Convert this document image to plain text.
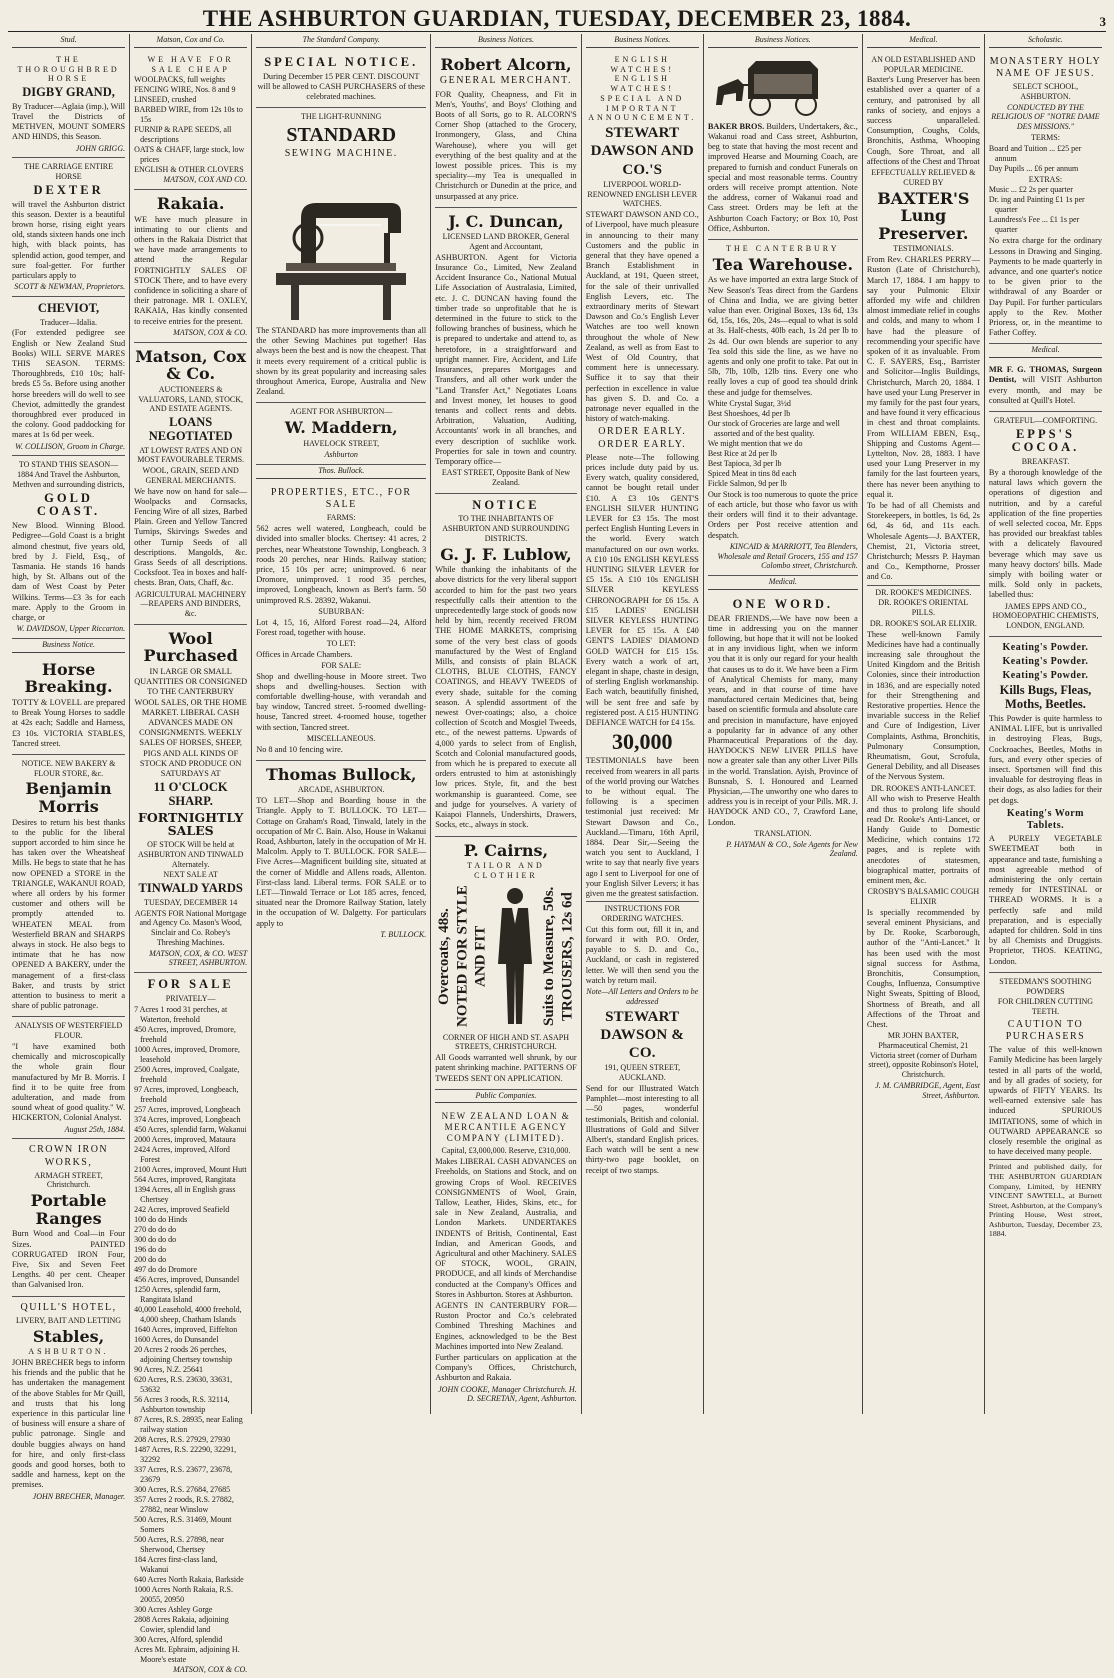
THE ASHBURTON GUARDIAN, TUESDAY, DECEMBER 23, 1884.	3
Stud.
THE THOROUGHBRED HORSE
DIGBY GRAND,
By Traducer—Aglaia (imp.), Will Travel the Districts of METHVEN, MOUNT SOMERS AND HINDS, this Season.
JOHN GRIGG.
THE CARRIAGE ENTIRE HORSE
DEXTER
will travel the Ashburton district this season. Dexter is a beautiful brown horse, rising eight years old, stands sixteen hands one inch high, with black points, has splendid action, good temper, and sure foal-getter. For further particulars apply to
SCOTT & NEWMAN, Proprietors.
CHEVIOT,
Traducer—Idalia.
(For extended pedigree see English or New Zealand Stud Books) WILL SERVE MARES THIS SEASON. TERMS: Thoroughbreds, £10 10s; half-breds £5 5s. Before using another horse breeders will do well to see Cheviot, admittedly the grandest thoroughbred ever produced in the colony. Good paddocking for mares at 1s 6d per week.
W. COLLISON, Groom in Charge.
TO STAND THIS SEASON—1884 And Travel the Ashburton, Methven and surrounding districts,
GOLD COAST.
New Blood. Winning Blood. Pedigree—Gold Coast is a bright almond chestnut, five years old, bred by J. Field, Esq., of Tasmania. He stands 16 hands high, by St. Albans out of the dam of West Coast by Peter Wilkins. Terms—£3 3s for each mare. Apply to the Groom in charge, or
W. DAVIDSON, Upper Riccarton.
Business Notice.
Horse Breaking.
TOTTY & LOVELL are prepared to Break Young Horses to saddle at 42s each; Saddle and Harness, £3 10s. VICTORIA STABLES, Tancred street.
NOTICE. NEW BAKERY & FLOUR STORE, &c.
Benjamin Morris
Desires to return his best thanks to the public for the liberal support accorded to him since he has taken over the Wheatsheaf Mills. He begs to state that he has now OPENED a STORE in the TRIANGLE, WAKANUI ROAD, where all orders by his former customer and others will be promptly attended to. WHEATEN MEAL from Westerfield BRAN and SHARPS always in stock. He also begs to intimate that he has now OPENED A BAKERY, under the management of a first-class Baker, and trusts by strict attention to business to merit a share of public patronage.
ANALYSIS OF WESTERFIELD FLOUR.
"I have examined both chemically and microscopically the whole grain flour manufactured by Mr B. Morris. I find it to be quite free from adulteration, and made from sound wheat of good quality." W. HICKERTON, Colonial Analyst.
August 25th, 1884.
CROWN IRON WORKS,
ARMAGH STREET, Christchurch.
Portable Ranges
Burn Wood and Coal—in Four Sizes. PAINTED CORRUGATED IRON Four, Five, Six and Seven Feet Lengths. 40 per cent. Cheaper than Galvanised Iron.
QUILL'S HOTEL,
LIVERY, BAIT AND LETTING
Stables,
ASHBURTON.
JOHN BRECHER begs to inform his friends and the public that he has undertaken the management of the above Stables for Mr Quill, and trusts that his long experience in this particular line of business will ensure a share of public patronage. Single and double buggies always on hand for hire, and only first-class goods and good horses, both to saddle and harness, kept on the premises.
JOHN BRECHER, Manager.
Matson, Cox and Co.
WE HAVE FOR SALE CHEAP
WOOLPACKS, full weights
FENCING WIRE, Nos. 8 and 9
LINSEED, crushed
BARBED WIRE, from 12s 10s to 15s
FURNIP & RAPE SEEDS, all descriptions
OATS & CHAFF, large stock, low prices
ENGLISH & OTHER CLOVERS
MATSON, COX AND CO.
Rakaia.
WE have much pleasure in intimating to our clients and others in the Rakaia District that we have made arrangements to attend the Regular FORTNIGHTLY SALES OF STOCK There, and to have every confidence in soliciting a share of their patronage. MR I. OXLEY, RAKAIA, Has kindly consented to receive entries for the present.
MATSON, COX & CO.
Matson, Cox & Co.
AUCTIONEERS & VALUATORS, LAND, STOCK, AND ESTATE AGENTS.
LOANS NEGOTIATED
AT LOWEST RATES AND ON MOST FAVOURABLE TERMS.
WOOL, GRAIN, SEED AND GENERAL MERCHANTS.
We have now on hand for sale—Woolpacks and Cornsacks, Fencing Wire of all sizes, Barbed Plain. Green and Yellow Tancred Turnips, Skirvings Swedes and other Turnip Seeds of all descriptions. Mangolds, &c. Grass Seeds of all descriptions. Cocksfoot. Tea in boxes and half-chests. Bran, Oats, Chaff, &c.
AGRICULTURAL MACHINERY—REAPERS AND BINDERS, &c.
Wool Purchased
IN LARGE OR SMALL QUANTITIES OR CONSIGNED TO THE CANTERBURY WOOL SALES, OR THE HOME MARKET. LIBERAL CASH ADVANCES MADE ON CONSIGNMENTS. WEEKLY SALES OF HORSES, SHEEP, PIGS AND ALL KINDS OF STOCK AND PRODUCE ON SATURDAYS AT
11 O'CLOCK SHARP.
FORTNIGHTLY SALES
OF STOCK Will be held at ASHBURTON AND TINWALD Alternately.
NEXT SALE AT
TINWALD YARDS
TUESDAY, DECEMBER 14
AGENTS FOR National Mortgage and Agency Co. Mason's Wood, Sinclair and Co. Robey's Threshing Machines.
MATSON, COX, & CO. WEST STREET, ASHBURTON.
FOR SALE
PRIVATELY—
7 Acres 1 rood 31 perches, at Waterton, freehold
450 Acres, improved, Dromore, freehold
1000 Acres, improved, Dromore, leasehold
2500 Acres, improved, Coalgate, freehold
97 Acres, improved, Longbeach, freehold
257 Acres, improved, Longbeach
374 Acres, improved, Longbeach
450 Acres, splendid farm, Wakanui
2000 Acres, improved, Mataura
2424 Acres, improved, Alford Forest
2100 Acres, improved, Mount Hutt
564 Acres, improved, Rangitata
1394 Acres, all in English grass Chertsey
242 Acres, improved Seafield
100 do do Hinds
270 do do do
300 do do do
196 do do
200 do do
497 do do Dromore
456 Acres, improved, Dunsandel
1250 Acres, splendid farm, Rangitata Island
40,000 Leasehold, 4000 freehold, 4,000 sheep, Chatham Islands
1640 Acres, improved, Eiffelton
1600 Acres, do Dunsandel
20 Acres 2 roods 26 perches, adjoining Chertsey township
90 Acres, N.Z. 25641
620 Acres, R.S. 23630, 33631, 53632
56 Acres 3 roods, R.S. 32114, Ashburton township
87 Acres, R.S. 28935, near Ealing railway station
208 Acres, R.S. 27929, 27930
1487 Acres, R.S. 22290, 32291, 32292
337 Acres, R.S. 23677, 23678, 23679
300 Acres, R.S. 27684, 27685
357 Acres 2 roods, R.S. 27882, 27882, near Winslow
500 Acres, R.S. 31469, Mount Somers
500 Acres, R.S. 27898, near Sherwood, Chertsey
184 Acres first-class land, Wakanui
640 Acres North Rakaia, Barkside
1000 Acres North Rakaia, R.S. 20055, 20950
300 Acres Ashley Gorge
2808 Acres Rakaia, adjoining Cowier, splendid land
300 Acres, Alford, splendid
Acres Mt. Ephraim, adjoining H. Moore's estate
MATSON, COX & CO.
The Standard Company.
SPECIAL NOTICE.
During December 15 PER CENT. DISCOUNT will be allowed to CASH PURCHASERS of these celebrated machines.
THE LIGHT-RUNNING
STANDARD
SEWING MACHINE.
The STANDARD has more improvements than all the other Sewing Machines put together! Has always been the best and is now the cheapest. That it meets every requirement of a critical public is shown by its great popularity and increasing sales throughout America, Europe, Australia and New Zealand.
AGENT FOR ASHBURTON—
W. Maddern,
HAVELOCK STREET,
Ashburton
Thos. Bullock.
PROPERTIES, ETC., FOR SALE
FARMS:
562 acres well watered, Longbeach, could be divided into smaller blocks. Chertsey: 41 acres, 2 perches, near Wheatstone Township, Longbeach. 3 roods 20 perches, near Hinds. Railway station; price, 15 10s per acre; unimproved. 6 near Dromore, unimproved. 1 rood 35 perches, improved, Longbeach, known as Bert's farm. 50 unimproved R.S. 28392, Wakanui.
SUBURBAN:
Lot 4, 15, 16, Alford Forest road—24, Alford Forest road, together with house.
TO LET:
Offices in Arcade Chambers.
FOR SALE:
Shop and dwelling-house in Moore street. Two shops and dwelling-houses. Section with comfortable dwelling-house, with verandah and bay window, Tancred street. 5-roomed dwelling-house, Tancred street. 4-roomed house, together with section, Tancred street.
MISCELLANEOUS.
No 8 and 10 fencing wire.
Thomas Bullock,
ARCADE, ASHBURTON.
TO LET—Shop and Boarding house in the Triangle. Apply to T. BULLOCK. TO LET—Cottage on Graham's Road, Tinwald, lately in the occupation of Mr C. Bain. Also, House in Wakanui Road, Ashburton, lately in the occupation of Mr H. Malcolm. Apply to T. BULLOCK. FOR SALE—Five Acres—Magnificent building site, situated at the corner of Middle and Allens roads, Allenton. First-class land. Liberal terms. FOR SALE or to LET—Tinwald Terrace or Lot 185 acres, fenced, situated near the Dromore Railway Station, lately in the occupation of W. Dalgetty. For particulars apply to
T. BULLOCK.
Business Notices.
Robert Alcorn,
GENERAL MERCHANT.
FOR Quality, Cheapness, and Fit in Men's, Youths', and Boys' Clothing and Boots of all Sorts, go to R. ALCORN'S Corner Shop (attached to the Grocery, Ironmongery, Glass, and China Warehouse), where you will get everything of the best quality and at the lowest possible prices. This is my speciality—my Tea is unequalled in Christchurch or Dunedin at the price, and unsurpassed at any price.
J. C. Duncan,
LICENSED LAND BROKER, General Agent and Accountant,
ASHBURTON. Agent for Victoria Insurance Co., Limited, New Zealand Accident Insurance Co., National Mutual Life Association of Australasia, Limited, etc. J. C. DUNCAN having found the timber trade so unprofitable that he is determined in the future to stick to the following branches of business, which he is prepared to undertake and attend to, as heretofore, in a straightforward and upright manner. Fire, Accident, and Life Insurances, prepares Mortgages and Transfers, and all other work under the "Land Transfer Act," Negotiates Loans and Invest money, let houses to good tenants and collect rents and debts. Arbitration, Valuation, Auditing, Accountants' work in all branches, and every description of suchlike work. Properties for sale in town and country. Temporary office—
EAST STREET, Opposite Bank of New Zealand.
NOTICE
TO THE INHABITANTS OF ASHBURTON AND SURROUNDING DISTRICTS.
G. J. F. Lublow,
While thanking the inhabitants of the above districts for the very liberal support accorded to him for the past two years respectfully calls their attention to the unprecedentedly large stock of goods now held by him, recently received FROM THE HOME MARKETS, comprising some of the very best class of goods manufactured by the West of England Mills, and consists of plain BLACK CLOTHS, BLUE CLOTHS, FANCY COATINGS, and HEAVY TWEEDS of every shade, suitable for the coming season. A splendid assortment of the newest Over-coatings; also, a choice collection of Scotch and Mosgiel Tweeds, etc., of the newest patterns. Upwards of 4,000 yards to select from of English, Scotch and Colonial manufactured goods, from which he is prepared to execute all orders entrusted to him at astonishingly low prices. Style, fit, and the best workmanship is guaranteed. Come, see and judge for yourselves. A variety of Kaiapoi Flannels, Undershirts, Drawers, Socks, etc., always in stock.
P. Cairns,
TAILOR AND CLOTHIER
Overcoats, 48s. NOTED FOR STYLE AND FIT	Suits to Measure, 50s. TROUSERS, 12s 6d
CORNER OF HIGH AND ST. ASAPH STREETS, CHRISTCHURCH.
All Goods warranted well shrunk, by our patent shrinking machine. PATTERNS OF TWEEDS SENT ON APPLICATION.
Public Companies.
NEW ZEALAND LOAN & MERCANTILE AGENCY COMPANY (LIMITED).
Capital, £3,000,000. Reserve, £310,000.
Makes LIBERAL CASH ADVANCES on Freeholds, on Stations and Stock, and on growing Crops of Wool. RECEIVES CONSIGNMENTS of Wool, Grain, Tallow, Leather, Hides, Skins, etc., for sale in New Zealand, Australia, and London Markets. UNDERTAKES INDENTS of British, Continental, East Indian, and American Goods, and Agricultural and other Machinery. SALES OF STOCK, WOOL, GRAIN, PRODUCE, and all kinds of Merchandise conducted at the Company's Offices and Stores in Ashburton. Stores at Ashburton.
AGENTS IN CANTERBURY FOR—Ruston Proctor and Co.'s celebrated Combined Threshing Machines and Engines, acknowledged to be the Best Machines imported into New Zealand.
Further particulars on application at the Company's Offices, Christchurch, Ashburton and Rakaia.
JOHN COOKE, Manager Christchurch. H. D. SECRETAN, Agent, Ashburton.
Business Notices.
ENGLISH WATCHES! ENGLISH WATCHES! SPECIAL AND IMPORTANT ANNOUNCEMENT.
STEWART DAWSON AND CO.'S
LIVERPOOL WORLD-RENOWNED ENGLISH LEVER WATCHES.
STEWART DAWSON AND CO., of Liverpool, have much pleasure in announcing to their many Customers and the public in general that they have opened a Branch Establishment in Auckland, at 191, Queen street, for the sale of their unrivalled English Levers, etc. The extraordinary merits of Stewart Dawson and Co.'s English Lever Watches are too well known throughout the whole of New Zealand, as well as from East to West of Old Country, that comment here is unnecessary. Suffice it to say that their perfection in excellence in value has given S. D. and Co. a patronage never equalled in the history of watch-making.
ORDER EARLY. ORDER EARLY.
Please note—The following prices include duty paid by us. Every watch, quality considered, cannot be bought retail under £10. A £3 10s GENT'S ENGLISH SILVER HUNTING LEVER for £3 15s. The most perfect English Hunting Levers in the world. Every watch manufactured on our own works. A £10 10s ENGLISH KEYLESS HUNTING SILVER LEVER for £5 15s. A £10 10s ENGLISH SILVER KEYLESS CHRONOGRAPH for £6 15s. A £15 LADIES' ENGLISH SILVER KEYLESS HUNTING LEVER for £5 15s. A £40 GENT'S LADIES' DIAMOND GOLD WATCH for £15 15s. Every watch a work of art, elegant in shape, chaste in design, of sterling English workmanship. Each watch, beautifully finished, will be sent free and safe by registered post. A £15 HUNTING DEFIANCE WATCH for £4 15s.
30,000
TESTIMONIALS have been received from wearers in all parts of the world proving our Watches to be without equal. The following is a specimen testimonial just received: Mr Stewart Dawson and Co., Auckland.—Timaru, 16th April, 1884. Dear Sir,—Seeing the watch you sent to Auckland, I write to say that nearly five years ago I sent to Liverpool for one of your English Silver Levers; it has given me the greatest satisfaction.
INSTRUCTIONS FOR ORDERING WATCHES.
Cut this form out, fill it in, and forward it with P.O. Order, payable to S. D. and Co., Auckland, or cash in registered letter. We will then send you the watch by return mail.
Note—All Letters and Orders to be addressed
STEWART DAWSON & CO.
191, QUEEN STREET, AUCKLAND.
Send for our Illustrated Watch Pamphlet—most interesting to all—50 pages, wonderful testimonials, British and colonial. Illustrations of Gold and Silver Albert's, standard English prices. Each watch will be sent a new thirty-two page booklet, on receipt of two stamps.
Business Notices.
BAKER BROS. Builders, Undertakers, &c., Wakanui road and Cass street, Ashburton, beg to state that having the most recent and improved Hearse and Mourning Coach, are prepared to furnish and conduct Funerals on special and most reasonable terms. Country orders will receive prompt attention. Note the address, corner of Wakanui road and Cass street. Orders may be left at the Ashburton Coach Factory; or Box 10, Post Office, Ashburton.
THE CANTERBURY
Tea Warehouse.
As we have imported an extra large Stock of New Season's Teas direct from the Gardens of China and India, we are giving better value than ever. Original Boxes, 13s 6d, 13s 6d, 15s, 16s, 20s, 24s—equal to what is sold at 3s. Half-chests, 40lb each, 1s 2d per lb to 2s 4d. Our own blends are superior to any Tea sold this side the line, as we have no agents and only one profit to take. Pat out in 5lb, 7lb, 10lb, 12lb tins. Every one who really loves a cup of good tea should drink these and judge for themselves.
White Crystal Sugar, 3½d
Best Shoeshoes, 4d per lb
Our stock of Groceries are large and well assorted and of the best quality.
We might mention that we do
Best Rice at 2d per lb
Best Tapioca, 3d per lb
Spiced Meat in tins 8d each
Fickle Salmon, 9d per lb
Our Stock is too numerous to quote the price of each article, but those who favor us with their orders will find it to their advantage. Orders per Post receive attention and despatch.
KINCAID & MARRIOTT, Tea Blenders, Wholesale and Retail Grocers, 155 and 157 Colombo street, Christchurch.
Medical.
ONE WORD.
DEAR FRIENDS,—We have now been a time in addressing you on the manner following, but hope that it will not be looked at in any invidious light, when we inform you that it is only our regard for your health that causes us to do it. We have been a Firm of Analytical Chemists for many, many years, and in that course of time have manufactured certain Medicines that, being based on scientific formula and absolute care and precision in manufacture, have enjoyed a popularity far in advance of any other Pharmaceutical Preparations of the day. HAYDOCK'S NEW LIVER PILLS have now a greater sale than any other Liver Pills in the world. Translation. Ayish, Province of Bunsnab, S. I. Honoured and Learned Physician,—The unworthy one who dares to address you is in receipt of your Pills. MR. J. HAYDOCK AND CO., 7, Crawford Lane, London.
TRANSLATION.
P. HAYMAN & CO., Sole Agents for New Zealand.
Medical.
AN OLD ESTABLISHED AND POPULAR MEDICINE.
Baxter's Lung Preserver has been established over a quarter of a century, and patronised by all ranks of society, and enjoys a success unparalleled. Consumption, Coughs, Colds, Bronchitis, Asthma, Whooping Cough, Sore Throat, and all affections of the Chest and Throat
EFFECTUALLY RELIEVED & CURED BY
BAXTER'S Lung Preserver.
TESTIMONIALS.
From Rev. CHARLES PERRY—Ruston (Late of Christchurch), March 17, 1884. I am happy to say your Pulmonic Elixir afforded my wife and children almost immediate relief in coughs and colds, and many to whom I have had the pleasure of recommending your specific have spoken of it as invaluable. From C. F. SAYERS, Esq., Barrister and Solicitor—Inglis Buildings, Christchurch, March 20, 1884. I have used your Lung Preserver in my family for the past four years, and have found it very efficacious in chest and throat complaints. From WILLIAM EBEN, Esq., Shipping and Customs Agent—Lyttelton, Nov. 28, 1883. I have used your Lung Preserver in my family for the last fourteen years, there has never been anything to equal it.
To be had of all Chemists and Storekeepers, in bottles, 1s 6d, 2s 6d, 4s 6d, and 11s each. Wholesale Agents—J. BAXTER, Chemist, 21, Victoria street, Christchurch; Messrs P. Hayman and Co., Kempthorne, Prosser and Co.
DR. ROOKE'S MEDICINES.
DR. ROOKE'S ORIENTAL PILLS.
DR. ROOKE'S SOLAR ELIXIR.
These well-known Family Medicines have had a continually increasing sale throughout the United Kingdom and the British Colonies, since their introduction in 1836, and are especially noted for their Strengthening and Restorative properties. Hence the invariable success in the Relief and Cure of Indigestion, Liver Complaints, Asthma, Bronchitis, Pulmonary Consumption, Rheumatism, Gout, Scrofula, General Debility, and all Diseases of the Nervous System.
DR. ROOKE'S ANTI-LANCET.
All who wish to Preserve Health and thus to prolong life should read Dr. Rooke's Anti-Lancet, or Handy Guide to Domestic Medicine, which contains 172 pages, and is replete with anecdotes of statesmen, biographical matter, portraits of eminent men, &c.
CROSBY'S BALSAMIC COUGH ELIXIR
Is specially recommended by several eminent Physicians, and by Dr. Rooke, Scarborough, author of the "Anti-Lancet." It has been used with the most signal success for Asthma, Bronchitis, Consumption, Coughs, Influenza, Consumptive Night Sweats, Spitting of Blood, Shortness of Breath, and all Affections of the Throat and Chest.
MR JOHN BAXTER, Pharmaceutical Chemist, 21 Victoria street (corner of Durham street), opposite Robinson's Hotel, Christchurch.
J. M. CAMBRIDGE, Agent, East Street, Ashburton.
Scholastic.
MONASTERY HOLY NAME OF JESUS.
SELECT SCHOOL, ASHBURTON.
CONDUCTED BY THE RELIGIOUS OF "NOTRE DAME DES MISSIONS."
TERMS:
Board and Tuition ... £25 per annum
Day Pupils ... £6 per annum
EXTRAS:
Music ... £2 2s per quarter
Dr. ing and Painting £1 1s per quarter
Laundress's Fee ... £1 1s per quarter
No extra charge for the ordinary Lessons in Drawing and Singing. Payments to be made quarterly in advance, and one quarter's notice to be given prior to the withdrawal of any Boarder or Day Pupil. For further particulars apply to the Rev. Mother Prioress, or, in the meantime to Father Coffey.
Medical.
MR F. G. THOMAS, Surgeon Dentist, will VISIT Ashburton every month, and may be consulted at Quill's Hotel.
GRATEFUL—COMFORTING.
EPPS'S COCOA.
BREAKFAST.
By a thorough knowledge of the natural laws which govern the operations of digestion and nutrition, and by a careful application of the fine properties of well selected cocoa, Mr. Epps has provided our breakfast tables with a delicately flavoured beverage which may save us many heavy doctors' bills. Made simply with boiling water or milk. Sold only in packets, labelled thus:
JAMES EPPS AND CO., HOMOEOPATHIC CHEMISTS, LONDON, ENGLAND.
Keating's Powder.
Keating's Powder.
Keating's Powder.
Kills Bugs, Fleas, Moths, Beetles.
This Powder is quite harmless to ANIMAL LIFE, but is unrivalled in destroying Fleas, Bugs, Cockroaches, Beetles, Moths in furs, and every other species of insect. Sportsmen will find this invaluable for destroying fleas in their dogs, as also ladies for their pet dogs.
Keating's Worm Tablets.
A PURELY VEGETABLE SWEETMEAT both in appearance and taste, furnishing a most agreeable method of administering the only certain remedy for INTESTINAL or THREAD WORMS. It is a perfectly safe and mild preparation, and is especially adapted for children. Sold in tins by all Chemists and Druggists. Proprietor, THOS. KEATING, London.
STEEDMAN'S SOOTHING POWDERS
FOR CHILDREN CUTTING TEETH.
CAUTION TO PURCHASERS
The value of this well-known Family Medicine has been largely tested in all parts of the world, and by all grades of society, for upwards of FIFTY YEARS. Its well-earned extensive sale has induced SPURIOUS IMITATIONS, some of which in OUTWARD APPEARANCE so closely resemble the original as to have deceived many people.
Printed and published daily, for THE ASHBURTON GUARDIAN Company, Limited, by HENRY VINCENT SAWTELL, at Burnett Street, Ashburton, at the Company's Printing House, West street, Ashburton, Tuesday, December 23, 1884.
